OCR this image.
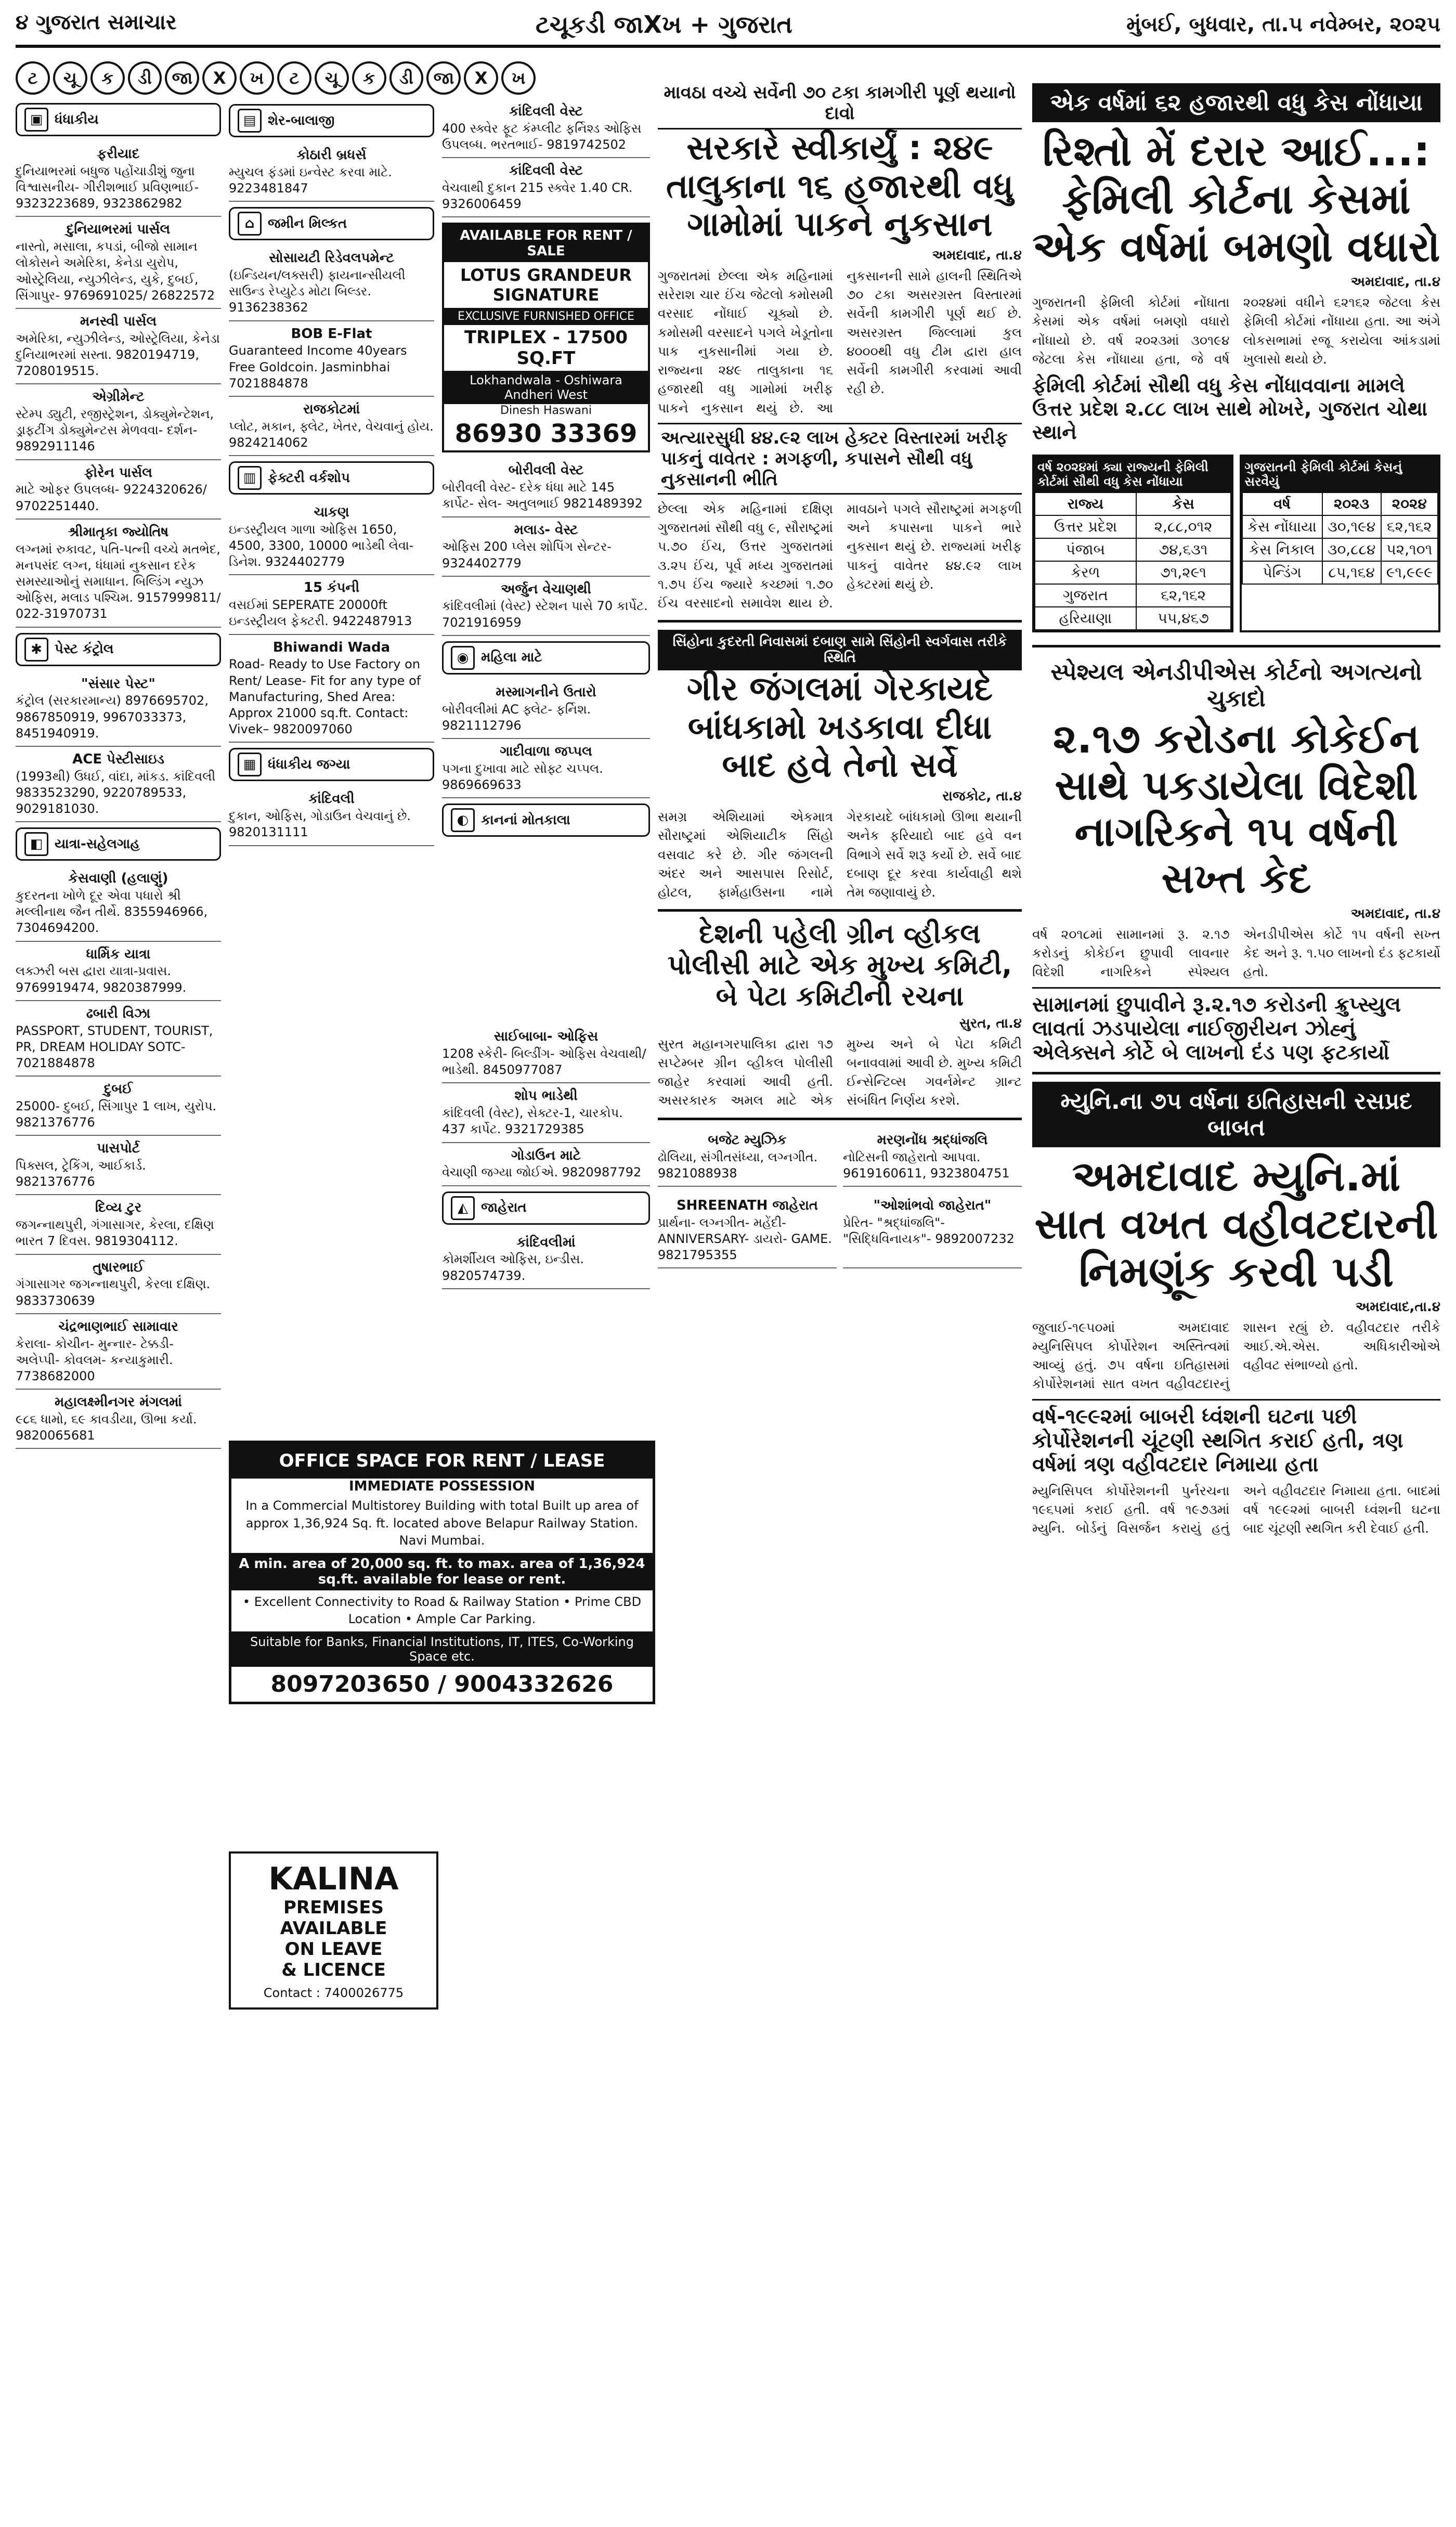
૪ ગુજરાત સમાચાર	ટચૂકડી જાXખ + ગુજરાત	મુંબઈ, બુધવાર, તા.૫ નવેમ્બર, ૨૦૨૫
ટ	ચૂ	ક	ડી	જા	X	ખ	ટ	ચૂ	ક	ડી	જા	X	ખ
▣ ધંધાકીય
ફરીયાદ
દુનિયાભરમાં બધુજ પહોંચાડીશું જુના વિશ્વાસનીય- ગીરીશભાઈ પ્રવિણભાઈ- 9323223689, 9323862982
દુનિયાભરમાં પાર્સલ
નાસ્તો, મસાલા, કપડાં, બીજો સામાન લોકોસને અમેરિકા, કેનેડા યુરોપ, ઓસ્ટ્રેલિયા, ન્યુઝીલેન્ડ, યુકે, દુબઈ, સિંગાપુર- 9769691025/ 26822572
મનસ્વી પાર્સલ
અમેરિકા, ન્યુઝીલેન્ડ, ઓસ્ટ્રેલિયા, કેનેડા દુનિયાભરમાં સસ્તા. 9820194719, 7208019515.
એગ્રીમેન્ટ
સ્ટેમ્પ ડ્યુટી, રજીસ્ટ્રેશન, ડોક્યુમેન્ટેશન, ડ્રાફટીંગ ડોક્યુમેન્ટસ મેળવવા- દર્શન- 9892911146
ફોરેન પાર્સલ
માટે ઓફર ઉપલબ્ધ- 9224320626/ 9702251440.
શ્રીમાતૃકા જ્યોતિષ
લગ્નમાં રુકાવટ, પતિ-પત્ની વચ્ચે મતભેદ, મનપસંદ લગ્ન, ધંધામાં નુકસાન દરેક સમસ્યાઓનું સમાધાન. બિલ્ડિંગ ન્યુઝ ઓફિસ, મલાડ પશ્ચિમ. 9157999811/ 022-31970731
✱ પેસ્ટ કંટ્રોલ
"સંસાર પેસ્ટ"
કંટ્રોલ (સરકારમાન્ય) 8976695702, 9867850919, 9967033373, 8451940919.
ACE પેસ્ટીસાઇડ
(1993થી) ઉધઈ, વાંદા, માંકડ. કાંદિવલી 9833523290, 9220789533, 9029181030.
◧ યાત્રા-સહેલગાહ
કેસવાણી (હલાણું)
કુદરતના ખોળે દૂર એવા પધારો શ્રી મલ્લીનાથ જૈન તીર્થે. 8355946966, 7304694200.
ધાર્મિક યાત્રા
લક્ઝરી બસ દ્વારા યાત્રા-પ્રવાસ. 9769919474, 9820387999.
ઢબારી વિઝા
PASSPORT, STUDENT, TOURIST, PR, DREAM HOLIDAY SOTC- 7021884878
દુબઈ
25000- દુબઈ, સિંગાપુર 1 લાખ, યુરોપ. 9821376776
પાસપોર્ટ
પિક્સલ, ટ્રેકિંગ, આઈકાર્ડ. 9821376776
દિવ્ય ટુર
જગન્નાથપુરી, ગંગાસાગર, કેરલા, દક્ષિણ ભારત 7 દિવસ. 9819304112.
તુષારભાઈ
ગંગાસાગર જગન્નાથપુરી, કેરલા દક્ષિણ. 9833730639
ચંદ્રભાણભાઈ સામાવાર
કેરાલા- કોચીન- મુન્નાર- ટેક્કડી- અલેપ્પી- કોવલમ- કન્યાકુમારી. 7738682000
મહાલક્ષ્મીનગર મંગલમાં
૯૮૬ ધામો, ૬૯ કાવડીયા, ઊભા કર્યા. 9820065681
▤ શેર-બાલાજી
કોઠારી બ્રધર્સ
મ્યુચલ ફંડમાં ઇન્વેસ્ટ કરવા માટે. 9223481847
⌂ જમીન મિલ્કત
સોસાયટી રિડેવલપમેન્ટ
(ઇન્ડિયન/લક્સરી) ફાયનાન્સીયલી સાઉન્ડ રેપ્યુટેડ મોટા બિલ્ડર. 9136238362
BOB E-Flat
Guaranteed Income 40years Free Goldcoin. Jasminbhai 7021884878
રાજકોટમાં
પ્લોટ, મકાન, ફ્લેટ, ખેતર, વેચવાનું હોય. 9824214062
▥ ફેક્ટરી વર્કશોપ
ચાકણ
ઇન્ડસ્ટ્રીયલ ગાળા ઓફિસ 1650, 4500, 3300, 10000 ભાડેથી લેવા- ડિનેશ. 9324402779
15 કંપની
વસઈમાં SEPERATE 20000ft ઇન્ડસ્ટ્રીયલ ફેક્ટરી. 9422487913
Bhiwandi Wada
Road- Ready to Use Factory on Rent/ Lease- Fit for any type of Manufacturing, Shed Area: Approx 21000 sq.ft. Contact: Vivek– 9820097060
▦ ધંધાકીય જગ્યા
કાંદિવલી
દુકાન, ઓફિસ, ગોડાઉન વેચવાનું છે. 9820131111
OFFICE SPACE FOR RENT / LEASE
IMMEDIATE POSSESSION
In a Commercial Multistorey Building with total Built up area of approx 1,36,924 Sq. ft. located above Belapur Railway Station. Navi Mumbai.
A min. area of 20,000 sq. ft. to max. area of 1,36,924 sq.ft. available for lease or rent.
• Excellent Connectivity to Road & Railway Station • Prime CBD Location • Ample Car Parking.
Suitable for Banks, Financial Institutions, IT, ITES, Co-Working Space etc.
8097203650 / 9004332626
KALINA
PREMISES
AVAILABLE
ON LEAVE
& LICENCE
Contact : 7400026775
કાંદિવલી વેસ્ટ
400 સ્ક્વેર ફૂટ કંમ્પ્લીટ ફર્નિશ્ડ ઓફિસ ઉપલબ્ધ. ભરતભાઈ- 9819742502
કાંદિવલી વેસ્ટ
વેચવાથી દુકાન 215 સ્ક્વેર 1.40 CR. 9326006459
AVAILABLE FOR RENT / SALE
LOTUS GRANDEUR SIGNATURE
EXCLUSIVE FURNISHED OFFICE
TRIPLEX - 17500 SQ.FT
Lokhandwala - Oshiwara Andheri West
Dinesh Haswani
86930 33369
બોરીવલી વેસ્ટ
બોરીવલી વેસ્ટ- દરેક ધંધા માટે 145 કાર્પેટ- સેલ- અતુલભાઈ 9821489392
મલાડ- વેસ્ટ
ઓફિસ 200 પ્લેસ શોપિંગ સેન્ટર- 9324402779
અર્જુન વેચાણથી
કાંદિવલીમાં (વેસ્ટ) સ્ટેશન પાસે 70 કાર્પેટ. 7021916959
◉ મહિલા માટે
મસ્માગનીને ઉતારો
બોરીવલીમાં AC ફ્લેટ- ફર્નિશ. 9821112796
ગાદીવાળા જપ્પલ
પગના દુખાવા માટે સોફ્ટ ચપ્પલ. 9869669633
◐ કાનનાં મોતકાલા
સાઈબાબા- ઓફિસ
1208 સ્કેરી- બિલ્ડીંગ- ઓફિસ વેચવાથી/ ભાડેથી. 8450977087
શોપ ભાડેથી
કાંદિવલી (વેસ્ટ), સેક્ટર-1, ચારકોપ. 437 કાર્પેટ. 9321729385
ગોડાઉન માટે
વેચાણી જગ્યા જોઈએ. 9820987792
◭ જાહેરાત
કાંદિવલીમાં
કોમર્શીયલ ઓફિસ, ઇન્ડીસ. 9820574739.
માવઠા વચ્ચે સર્વેની ૭૦ ટકા કામગીરી પૂર્ણ થયાનો દાવો
સરકારે સ્વીકાર્યું : ૨૪૯ તાલુકાના ૧૬ હજારથી વધુ ગામોમાં પાકને નુકસાન
અમદાવાદ, તા.૪
ગુજરાતમાં છેલ્લા એક મહિનામાં સરેરાશ ચાર ઈંચ જેટલો કમોસમી વરસાદ નોંધાઈ ચૂક્યો છે. કમોસમી વરસાદને પગલે ખેડૂતોના પાક નુકસાનીમાં ગયા છે. રાજ્યના ૨૪૯ તાલુકાના ૧૬ હજારથી વધુ ગામોમાં ખરીફ પાકને નુકસાન થયું છે. આ નુકસાનની સામે હાલની સ્થિતિએ ૭૦ ટકા અસરગ્રસ્ત વિસ્તારમાં સર્વેની કામગીરી પૂર્ણ થઈ છે. અસરગ્રસ્ત જિલ્લામાં કુલ ૪૦૦૦થી વધુ ટીમ દ્વારા હાલ સર્વેની કામગીરી કરવામાં આવી રહી છે.
અત્યારસુધી ૪૪.૯૨ લાખ હેક્ટર વિસ્તારમાં ખરીફ પાકનું વાવેતર : મગફળી, કપાસને સૌથી વધુ નુકસાનની ભીતિ
છેલ્લા એક મહિનામાં દક્ષિણ ગુજરાતમાં સૌથી વધુ ૯, સૌરાષ્ટ્રમાં ૫.૭૦ ઈંચ, ઉત્તર ગુજરાતમાં ૩.૨૫ ઈંચ, પૂર્વ મધ્ય ગુજરાતમાં ૧.૭૫ ઈંચ જ્યારે કચ્છમાં ૧.૭૦ ઈંચ વરસાદનો સમાવેશ થાય છે. માવઠાને પગલે સૌરાષ્ટ્રમાં મગફળી અને કપાસના પાકને ભારે નુકસાન થયું છે. રાજ્યમાં ખરીફ પાકનું વાવેતર ૪૪.૯૨ લાખ હેક્ટરમાં થયું છે.
સિંહોના કુદરતી નિવાસમાં દબાણ સામે સિંહોની સ્વર્ગવાસ તરીકે સ્થિતિ
ગીર જંગલમાં ગેરકાયદે બાંધકામો ખડકાવા દીધા બાદ હવે તેનો સર્વે
રાજકોટ, તા.૪
સમગ્ર એશિયામાં એકમાત્ર સૌરાષ્ટ્રમાં એશિયાટીક સિંહો વસવાટ કરે છે. ગીર જંગલની અંદર અને આસપાસ રિસોર્ટ, હોટલ, ફાર્મહાઉસના નામે ગેરકાયદે બાંધકામો ઊભા થયાની અનેક ફરિયાદો બાદ હવે વન વિભાગે સર્વે શરૂ કર્યો છે. સર્વે બાદ દબાણ દૂર કરવા કાર્યવાહી થશે તેમ જણાવાયું છે.
દેશની પહેલી ગ્રીન વ્હીકલ પોલીસી માટે એક મુખ્ય કમિટી, બે પેટા કમિટીની રચના
સુરત, તા.૪
સુરત મહાનગરપાલિકા દ્વારા ૧૭ સપ્ટેમ્બર ગ્રીન વ્હીકલ પોલીસી જાહેર કરવામાં આવી હતી. અસરકારક અમલ માટે એક મુખ્ય અને બે પેટા કમિટી બનાવવામાં આવી છે. મુખ્ય કમિટી ઈન્સેન્ટિવ્સ ગવર્નમેન્ટ ગ્રાન્ટ સંબંધિત નિર્ણય કરશે.
બજેટ મ્યુઝિક
ઢોલિયા, સંગીતસંધ્યા, લગ્નગીત. 9821088938
મરણનોંધ શ્રદ્ધાંજલિ
નોટિસની જાહેરાતો આપવા. 9619160611, 9323804751
SHREENATH જાહેરાત
પ્રાર્થના- લગ્નગીત- મહેંદી- ANNIVERSARY- ડાયરો- GAME. 9821795355
"ઓશાંભવો જાહેરાત"
પ્રેરિત- "શ્રદ્ધાંજલિ"- "સિદ્ધિવિનાયક"- 9892007232
એક વર્ષમાં ૬૨ હજારથી વધુ કેસ નોંધાયા
રિશ્તો મેં દરાર આઈ...: ફેમિલી કોર્ટના કેસમાં એક વર્ષમાં બમણો વધારો
અમદાવાદ, તા.૪
ગુજરાતની ફેમિલી કોર્ટમાં નોંધાતા કેસમાં એક વર્ષમાં બમણો વધારો નોંધાયો છે. વર્ષ ૨૦૨૩માં ૩૦૧૯૪ જેટલા કેસ નોંધાયા હતા, જે વર્ષ ૨૦૨૪માં વધીને ૬૨૧૬૨ જેટલા કેસ ફેમિલી કોર્ટમાં નોંધાયા હતા. આ અંગે લોકસભામાં રજૂ કરાયેલા આંકડામાં ખુલાસો થયો છે.
ફેમિલી કોર્ટમાં સૌથી વધુ કેસ નોંધાવવાના મામલે ઉત્તર પ્રદેશ ૨.૮૮ લાખ સાથે મોખરે, ગુજરાત ચોથા સ્થાને
વર્ષ ૨૦૨૪માં ક્યા રાજ્યની ફેમિલી કોર્ટમાં સૌથી વધુ કેસ નોંધાયા
રાજ્ય	કેસ
ઉત્તર પ્રદેશ	૨,૮૮,૦૧૨
પંજાબ	૭૪,૬૩૧
કેરળ	૭૧,૨૯૧
ગુજરાત	૬૨,૧૬૨
હરિયાણા	૫૫,૪૬૭
ગુજરાતની ફેમિલી કોર્ટમાં કેસનું સરવૈયું
વર્ષ	૨૦૨૩	૨૦૨૪
કેસ નોંધાયા	૩૦,૧૯૪	૬૨,૧૬૨
કેસ નિકાલ	૩૦,૮૮૪	૫૨,૧૦૧
પેન્ડિંગ	૮૫,૧૬૪	૯૧,૯૯૯
સ્પેશ્યલ એનડીપીએસ કોર્ટનો અગત્યનો ચુકાદો
૨.૧૭ કરોડના કોકેઈન સાથે પકડાયેલા વિદેશી નાગરિકને ૧૫ વર્ષની સખ્ત કેદ
અમદાવાદ, તા.૪
વર્ષ ૨૦૧૮માં સામાનમાં રૂ. ૨.૧૭ કરોડનું કોકેઈન છુપાવી લાવનાર વિદેશી નાગરિકને સ્પેશ્યલ એનડીપીએસ કોર્ટે ૧૫ વર્ષની સખ્ત કેદ અને રૂ. ૧.૫૦ લાખનો દંડ ફટકાર્યો હતો.
સામાનમાં છુપાવીને રૂ.૨.૧૭ કરોડની ક્રુપ્સ્યુલ લાવતાં ઝડપાયેલા નાઈજીરીયન ઝોહ્નું એલેક્સને કોર્ટે બે લાખનો દંડ પણ ફટકાર્યો
મ્યુનિ.ના ૭૫ વર્ષના ઇતિહાસની રસપ્રદ બાબત
અમદાવાદ મ્યુનિ.માં સાત વખત વહીવટદારની નિમણૂંક કરવી પડી
અમદાવાદ,તા.૪
જુલાઈ-૧૯૫૦માં અમદાવાદ મ્યુનિસિપલ કોર્પોરેશન અસ્તિત્વમાં આવ્યું હતું. ૭૫ વર્ષના ઇતિહાસમાં કોર્પોરેશનમાં સાત વખત વહીવટદારનું શાસન રહ્યું છે. વહીવટદાર તરીકે આઈ.એ.એસ. અધિકારીઓએ વહીવટ સંભાળ્યો હતો.
વર્ષ-૧૯૯૨માં બાબરી ધ્વંશની ઘટના પછી કોર્પોરેશનની ચૂંટણી સ્થગિત કરાઈ હતી, ત્રણ વર્ષમાં ત્રણ વહીવટદાર નિમાયા હતા
મ્યુનિસિપલ કોર્પોરેશનની પુર્નરચના ૧૯૬૫માં કરાઈ હતી. વર્ષ ૧૯૭૩માં મ્યુનિ. બોર્ડનું વિસર્જન કરાયું હતું અને વહીવટદાર નિમાયા હતા. બાદમાં વર્ષ ૧૯૯૨માં બાબરી ધ્વંશની ઘટના બાદ ચૂંટણી સ્થગિત કરી દેવાઈ હતી.
